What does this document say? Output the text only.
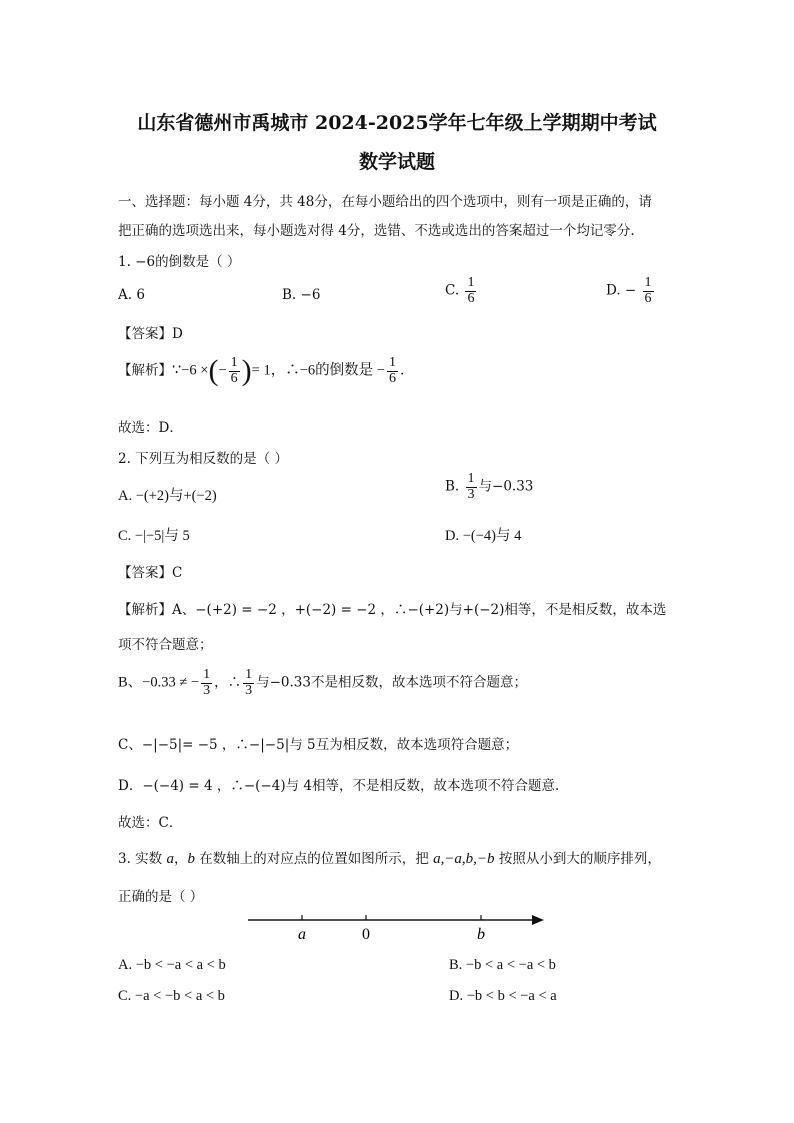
山东省德州市禹城市 2024-2025学年七年级上学期期中考试
数学试题
一、选择题：每小题 4分，共 48分，在每小题给出的四个选项中，则有一项是正确的，请
把正确的选项选出来，每小题选对得 4分，选错、不选或选出的答案超过一个均记零分.
1. −6的倒数是（ ）
A. 6	B. −6	C. $\frac{1}{6}$	D. − $\frac{1}{6}$
【答案】D
【解析】∵−6 ×(− $\frac{1}{6}$ )= 1，∴−6的倒数是 − $\frac{1}{6}$ .
故选：D．
2. 下列互为相反数的是（ ）
A. −(+2)与+(−2)
B. $\frac{1}{3}$ 与−0.33
C. −|−5|与 5	D. −(−4)与 4
【答案】C
【解析】A、−(+2) = −2 ，+(−2) = −2 ，∴−(+2)与+(−2)相等，不是相反数，故本选
项不符合题意；
B、−0.33 ≠ − $\frac{1}{3}$ ，∴ $\frac{1}{3}$ 与−0.33不是相反数，故本选项不符合题意；
C、−|−5|= −5 ，∴−|−5|与 5互为相反数，故本选项符合题意；
D．−(−4) = 4 ，∴−(−4)与 4相等，不是相反数，故本选项不符合题意.
故选：C．
3. 实数 a，b 在数轴上的对应点的位置如图所示，把 a,−a,b,−b 按照从小到大的顺序排列，
正确的是（ ）
a	0	b
A. −b < −a < a < b	B. −b < a < −a < b
C. −a < −b < a < b	D. −b < b < −a < a
